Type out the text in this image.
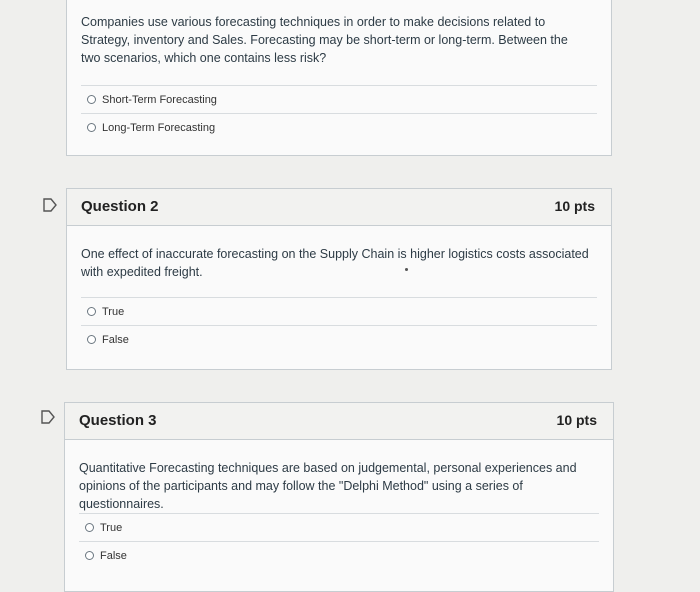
Companies use various forecasting techniques in order to make decisions related to Strategy, inventory and Sales. Forecasting may be short-term or long-term. Between the two scenarios, which one contains less risk?
Short-Term Forecasting
Long-Term Forecasting
Question 2	10 pts
One effect of inaccurate forecasting on the Supply Chain is higher logistics costs associated with expedited freight.
True
False
Question 3	10 pts
Quantitative Forecasting techniques are based on judgemental, personal experiences and opinions of the participants and may follow the "Delphi Method" using a series of questionnaires.
True
False
